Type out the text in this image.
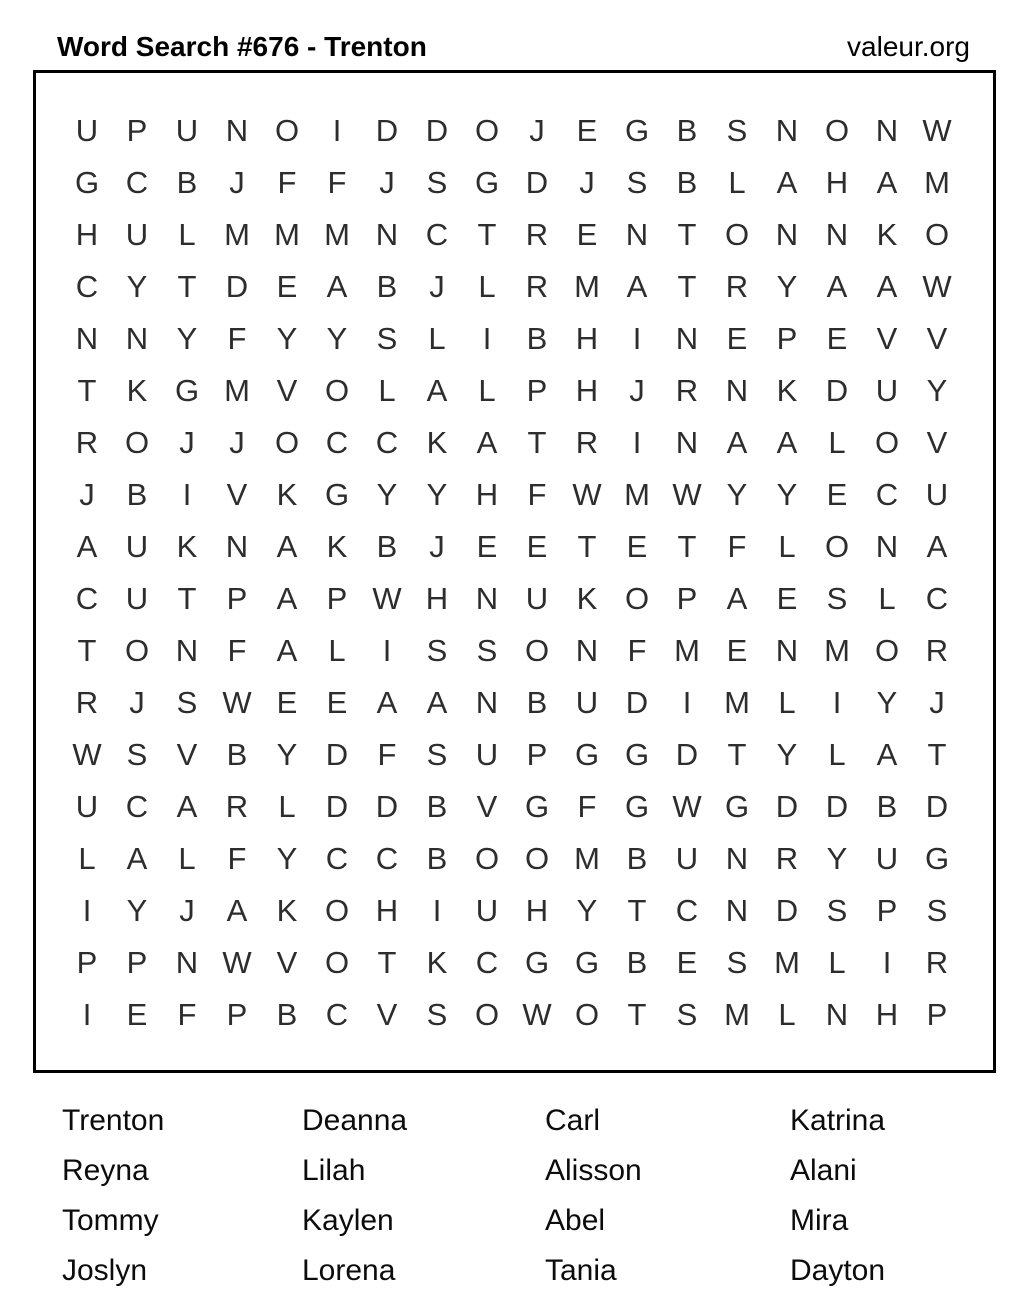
Word Search #676 - Trenton	valeur.org
U P U N O	I	D D O J	E G B S N O N W
G C B	J	F	F	J	S G D	J	S B	L	A H A M
H U L M M M N C T R E N T O N N K O
C Y T D E A B	J	L R M A T R Y A A W
N N Y F Y Y S	L	I	B H	I	N E P E V V
T K G M V O L	A	L	P H	J	R N K D U Y
R O J	J O C C K A T R	I	N A A	L O V
J	B	I	V K G Y Y H F W M W Y Y E C U
A U K N A K B	J	E E T E T	F	L O N A
C U T P A P W H N U K O P A E S	L C
T O N F A	L	I	S S O N F M E N M O R
R	J	S W E E A A N B U D	I	M L	I	Y	J
W S V B Y D F S U P G G D T Y	L	A T
U C A R L D D B V G F G W G D D B D
L	A	L	F Y C C B O O M B U N R Y U G
I	Y	J	A K O H	I	U H Y T C N D S P S
P P N W V O T K C G G B E S M L	I	R
I	E F P B C V S O W O T S M L N H P
Trenton	Deanna	Carl	Katrina
Reyna	Lilah	Alisson	Alani
Tommy	Kaylen	Abel	Mira
Joslyn	Lorena	Tania	Dayton
